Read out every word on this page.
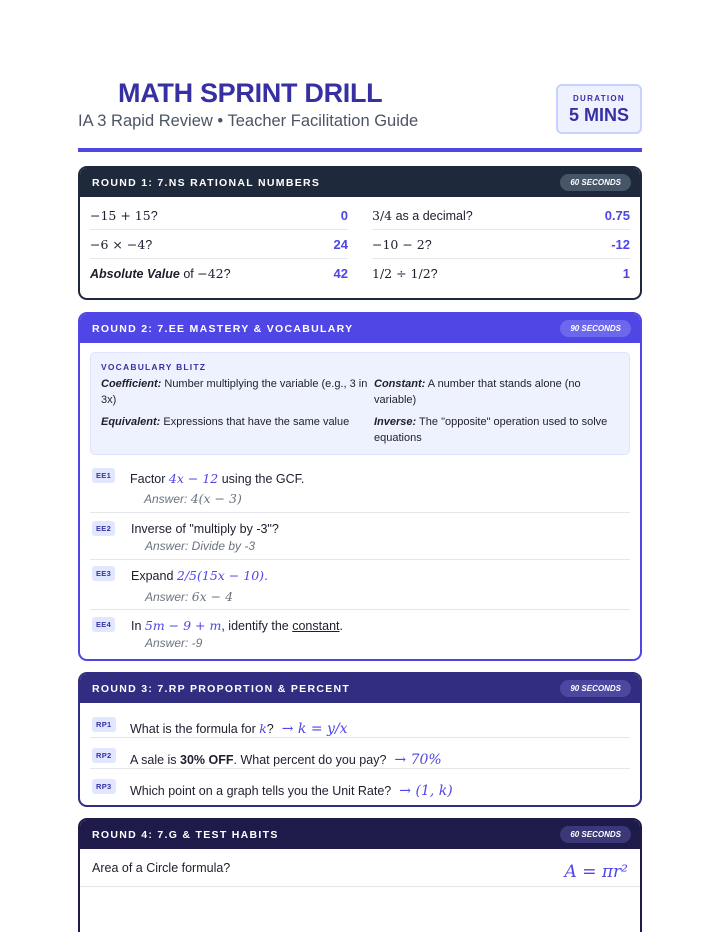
MATH SPRINT DRILL
IA 3 Rapid Review • Teacher Facilitation Guide
DURATION
5 MINS
ROUND 1: 7.NS RATIONAL NUMBERS	60 SECONDS
−15 + 15?	0 3/4 as a decimal?	0.75
−6 × −4?	24 −10 − 2?	-12
Absolute Value of −42?	42 1/2 ÷ 1/2?	1
ROUND 2: 7.EE MASTERY & VOCABULARY	90 SECONDS
VOCABULARY BLITZ
Coefficient: Number multiplying the variable (e.g., 3 in 3x)
Constant: A number that stands alone (no variable)
Equivalent: Expressions that have the same value	Inverse: The "opposite" operation used to solve equations
EE1	Factor 4x − 12 using the GCF.
Answer: 4(x − 3)
EE2	Inverse of "multiply by -3"?
Answer: Divide by -3
EE3	Expand 2/5(15x − 10).
Answer: 6x − 4
EE4	In 5m − 9 + m, identify the constant.
Answer: -9
ROUND 3: 7.RP PROPORTION & PERCENT	90 SECONDS
RP1	What is the formula for k? → k = y/x
RP2	A sale is 30% OFF. What percent do you pay? → 70%
RP3	Which point on a graph tells you the Unit Rate? → (1, k)
ROUND 4: 7.G & TEST HABITS	60 SECONDS
Area of a Circle formula?	A = πr²
